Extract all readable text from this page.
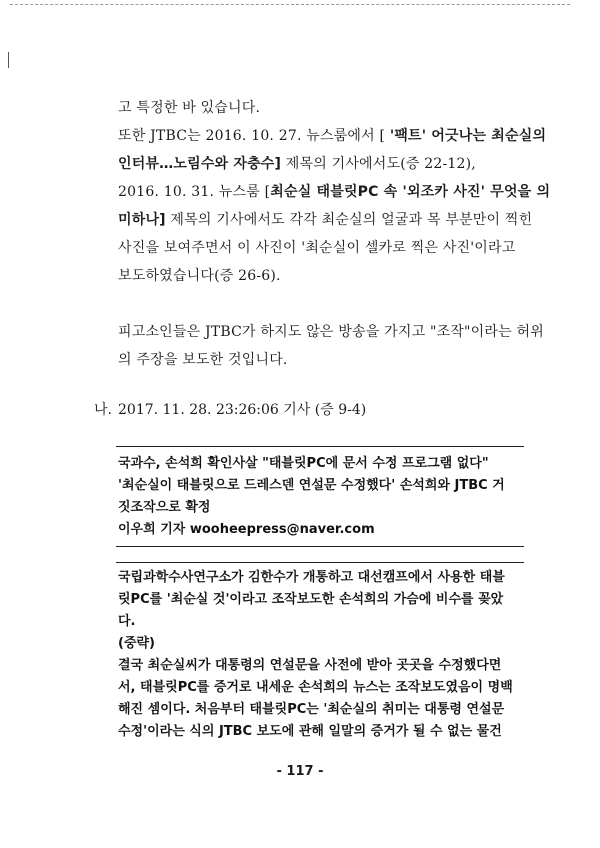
고 특정한 바 있습니다.
또한 JTBC는 2016. 10. 27. 뉴스룸에서 [ '팩트' 어긋나는 최순실의
인터뷰…노림수와 자충수] 제목의 기사에서도(증 22-12),
2016. 10. 31. 뉴스룸 [최순실 태블릿PC 속 '외조카 사진' 무엇을 의
미하나] 제목의 기사에서도 각각 최순실의 얼굴과 목 부분만이 찍힌
사진을 보여주면서 이 사진이 '최순실이 셀카로 찍은 사진'이라고
보도하였습니다(증 26-6).
피고소인들은 JTBC가 하지도 않은 방송을 가지고 "조작"이라는 허위
의 주장을 보도한 것입니다.
나. 2017. 11. 28. 23:26:06 기사 (증 9-4)
국과수, 손석희 확인사살 "태블릿PC에 문서 수정 프로그램 없다"
'최순실이 태블릿으로 드레스덴 연설문 수정했다' 손석희와 JTBC 거
짓조작으로 확정
이우희 기자 wooheepress@naver.com
국립과학수사연구소가 김한수가 개통하고 대선캠프에서 사용한 태블
릿PC를 '최순실 것'이라고 조작보도한 손석희의 가슴에 비수를 꽂았
다.
(중략)
결국 최순실씨가 대통령의 연설문을 사전에 받아 곳곳을 수정했다면
서, 태블릿PC를 증거로 내세운 손석희의 뉴스는 조작보도였음이 명백
해진 셈이다. 처음부터 태블릿PC는 '최순실의 취미는 대통령 연설문
수정'이라는 식의 JTBC 보도에 관해 일말의 증거가 될 수 없는 물건
- 117 -
